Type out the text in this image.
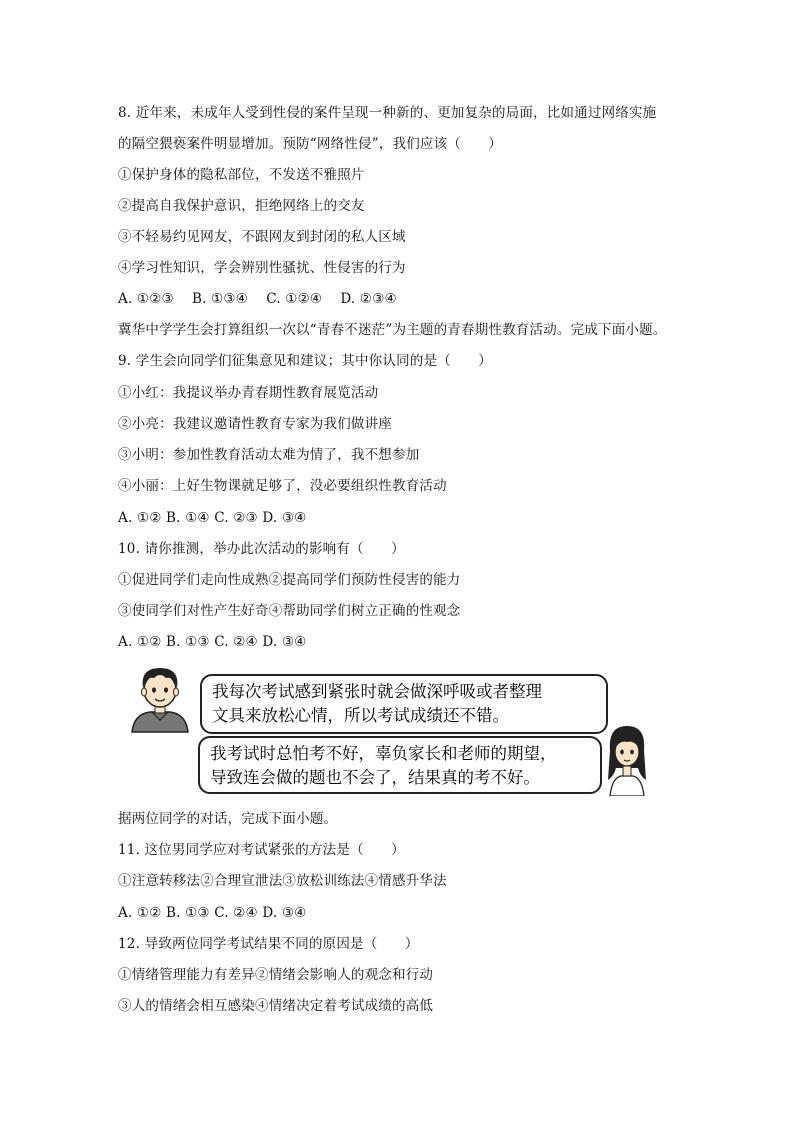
8. 近年来，未成年人受到性侵的案件呈现一种新的、更加复杂的局面，比如通过网络实施
的隔空猥亵案件明显增加。预防“网络性侵”，我们应该（　　）
①保护身体的隐私部位，不发送不雅照片
②提高自我保护意识，拒绝网络上的交友
③不轻易约见网友，不跟网友到封闭的私人区域
④学习性知识，学会辨别性骚扰、性侵害的行为
A. ①②③　 B. ①③④　 C. ①②④　 D. ②③④
冀华中学学生会打算组织一次以“青春不迷茫”为主题的青春期性教育活动。完成下面小题。
9. 学生会向同学们征集意见和建议；其中你认同的是（　　）
①小红：我提议举办青春期性教育展览活动
②小亮：我建议邀请性教育专家为我们做讲座
③小明：参加性教育活动太难为情了，我不想参加
④小丽：上好生物课就足够了，没必要组织性教育活动
A. ①② B. ①④ C. ②③ D. ③④
10. 请你推测，举办此次活动的影响有（　　）
①促进同学们走向性成熟②提高同学们预防性侵害的能力
③使同学们对性产生好奇④帮助同学们树立正确的性观念
A. ①② B. ①③ C. ②④ D. ③④
我每次考试感到紧张时就会做深呼吸或者整理
文具来放松心情，所以考试成绩还不错。
我考试时总怕考不好，辜负家长和老师的期望，
导致连会做的题也不会了，结果真的考不好。
据两位同学的对话，完成下面小题。
11. 这位男同学应对考试紧张的方法是（　　）
①注意转移法②合理宣泄法③放松训练法④情感升华法
A. ①② B. ①③ C. ②④ D. ③④
12. 导致两位同学考试结果不同的原因是（　　）
①情绪管理能力有差异②情绪会影响人的观念和行动
③人的情绪会相互感染④情绪决定着考试成绩的高低
